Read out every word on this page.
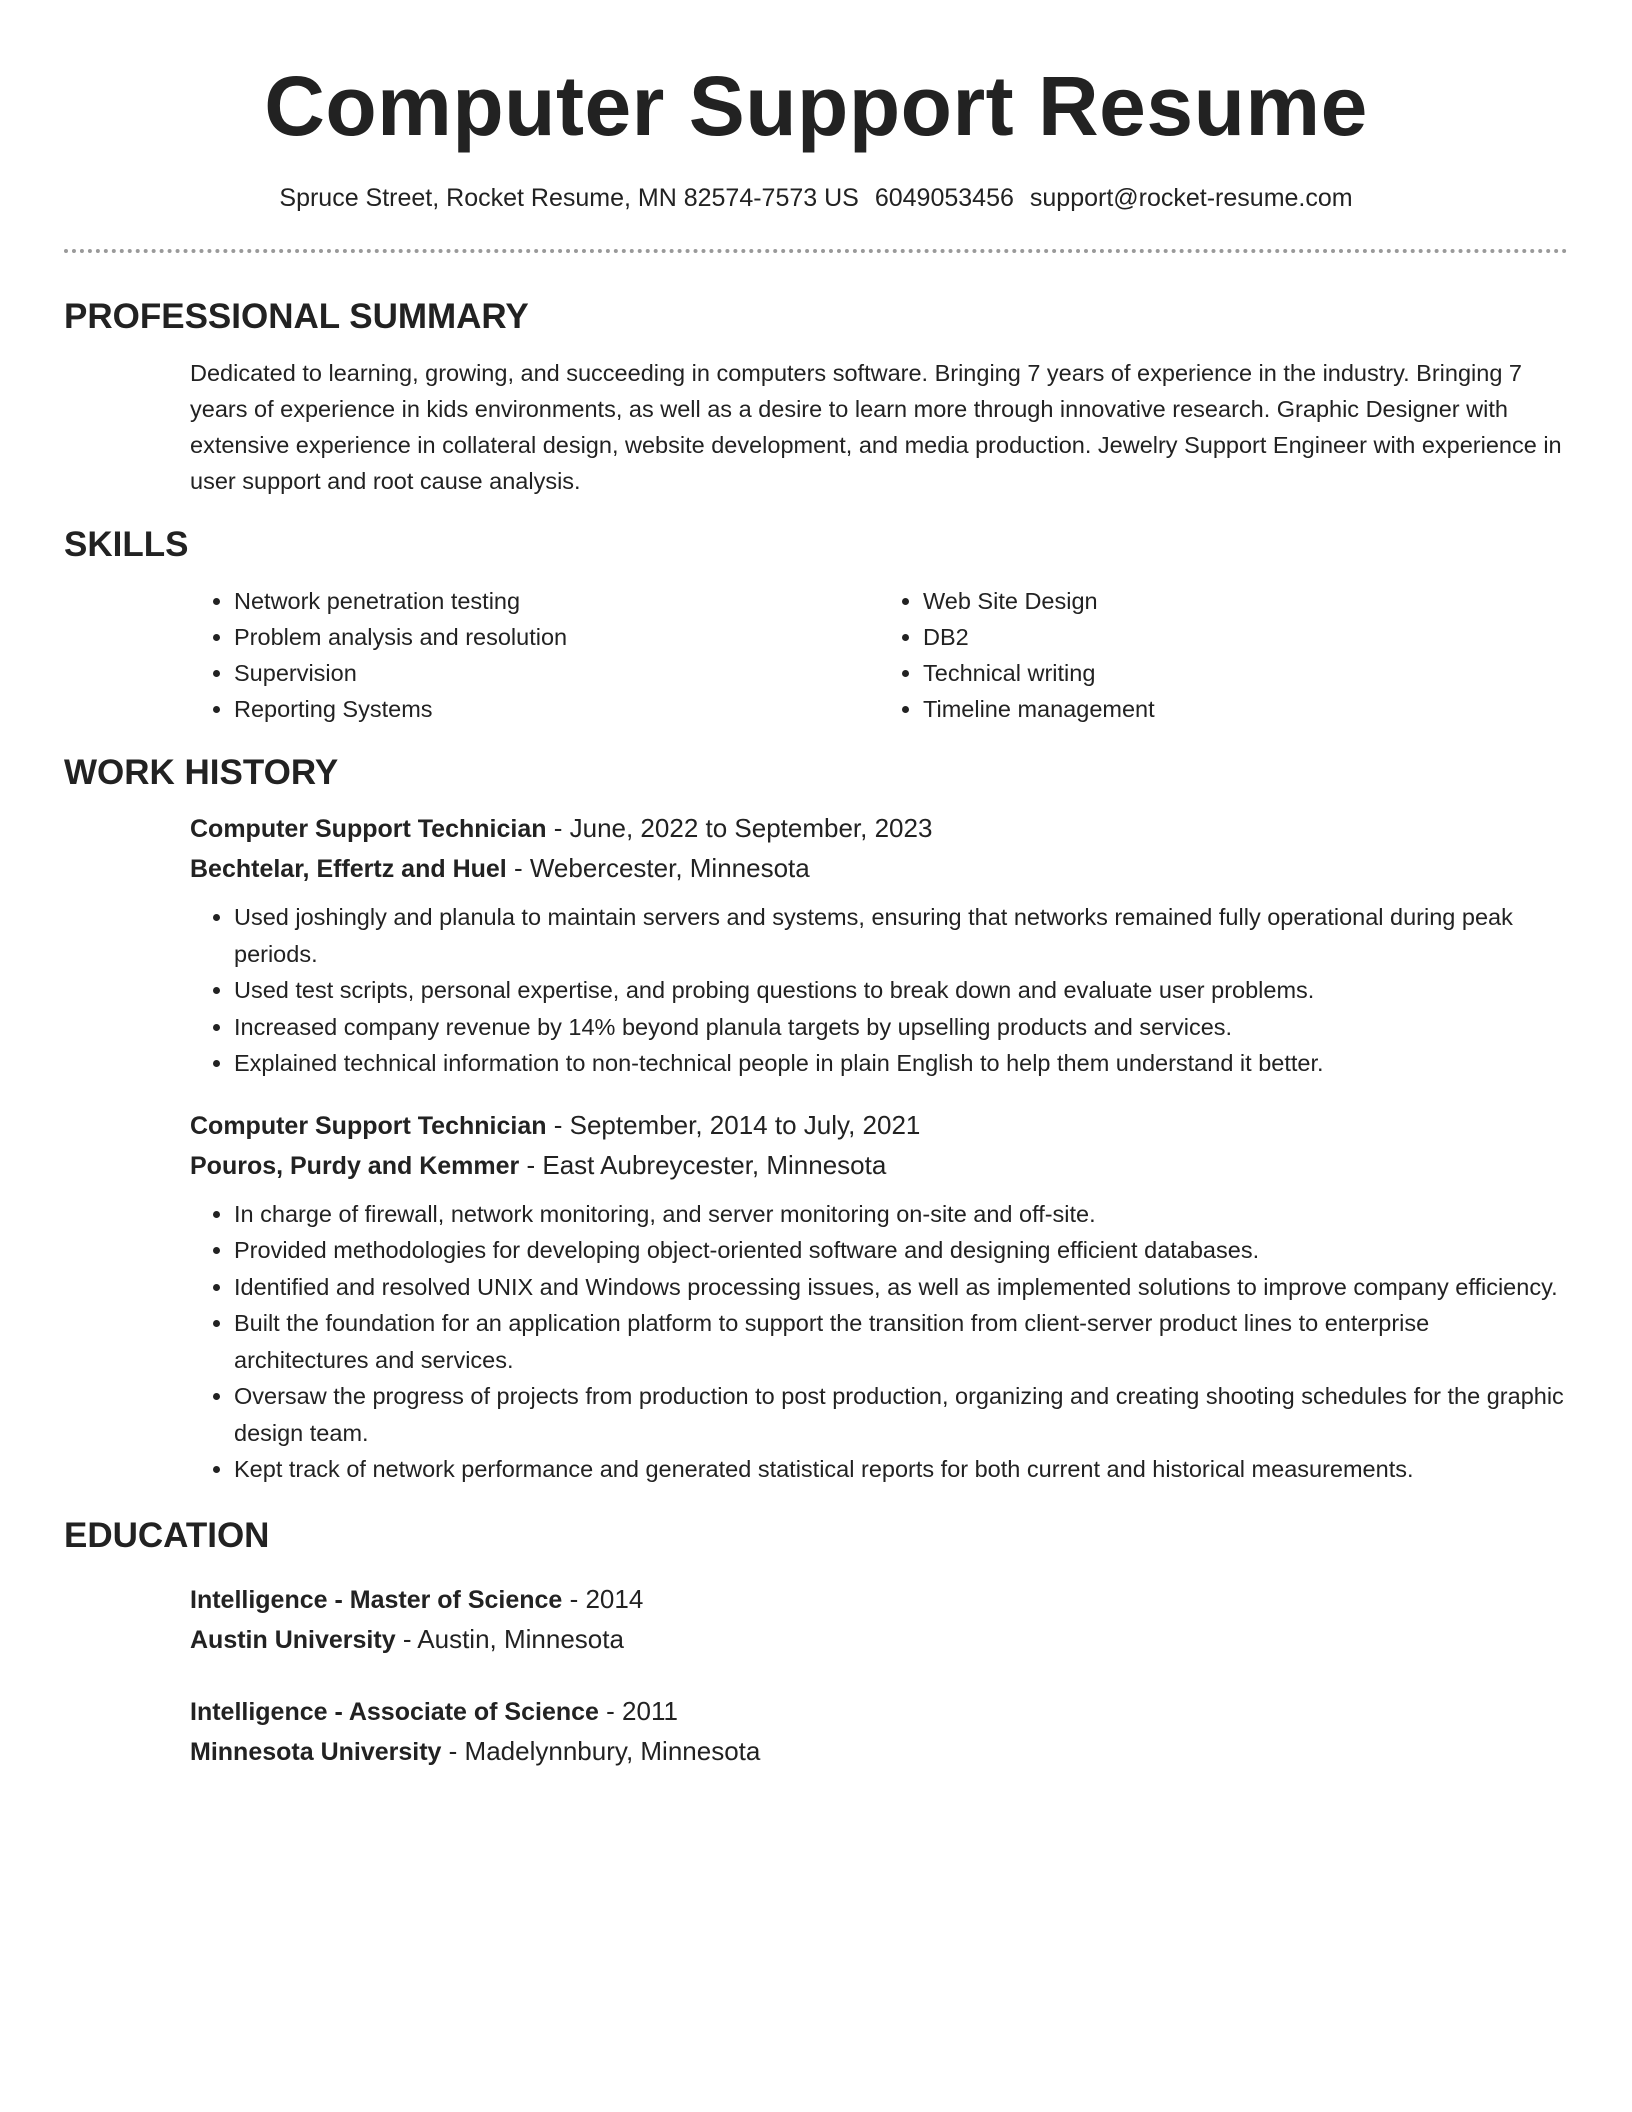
Computer Support Resume
Spruce Street, Rocket Resume, MN 82574-7573 US 6049053456 support@rocket-resume.com
PROFESSIONAL SUMMARY

Dedicated to learning, growing, and succeeding in computers software. Bringing 7 years of experience in the industry. Bringing 7 years of experience in kids environments, as well as a desire to learn more through innovative research. Graphic Designer with extensive experience in collateral design, website development, and media production. Jewelry Support Engineer with experience in user support and root cause analysis.

SKILLS
• Network penetration testing
• Problem analysis and resolution
• Supervision
• Reporting Systems
• Web Site Design
• DB2
• Technical writing
• Timeline management
WORK HISTORY
Computer Support Technician - June, 2022 to September, 2023
Bechtelar, Effertz and Huel - Webercester, Minnesota
• Used joshingly and planula to maintain servers and systems, ensuring that networks remained fully operational during peak periods.
• Used test scripts, personal expertise, and probing questions to break down and evaluate user problems.
• Increased company revenue by 14% beyond planula targets by upselling products and services.
• Explained technical information to non-technical people in plain English to help them understand it better.
Computer Support Technician - September, 2014 to July, 2021
Pouros, Purdy and Kemmer - East Aubreycester, Minnesota
• In charge of firewall, network monitoring, and server monitoring on-site and off-site.
• Provided methodologies for developing object-oriented software and designing efficient databases.
• Identified and resolved UNIX and Windows processing issues, as well as implemented solutions to improve company efficiency.
• Built the foundation for an application platform to support the transition from client-server product lines to enterprise architectures and services.
• Oversaw the progress of projects from production to post production, organizing and creating shooting schedules for the graphic design team.
• Kept track of network performance and generated statistical reports for both current and historical measurements.
EDUCATION
Intelligence - Master of Science - 2014
Austin University - Austin, Minnesota
Intelligence - Associate of Science - 2011
Minnesota University - Madelynnbury, Minnesota
